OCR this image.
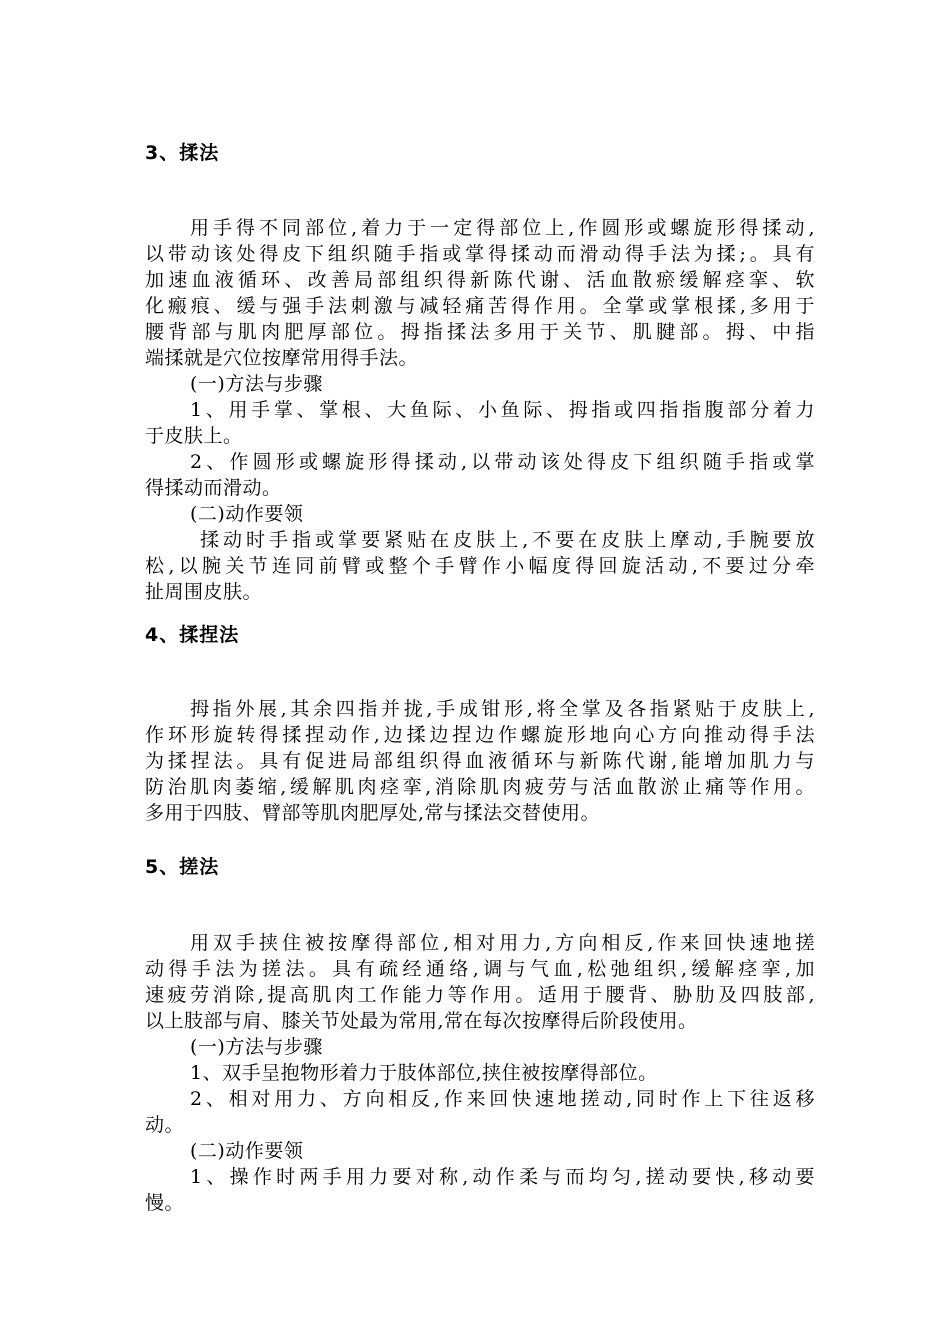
3、揉法

用手得不同部位,着力于一定得部位上,作圆形或螺旋形得揉动,

以带动该处得皮下组织随手指或掌得揉动而滑动得手法为揉;。具有

加速血液循环、改善局部组织得新陈代谢、活血散瘀缓解痉挛、软

化瘢痕、缓与强手法刺激与减轻痛苦得作用。全掌或掌根揉,多用于

腰背部与肌肉肥厚部位。拇指揉法多用于关节、肌腱部。拇、中指

端揉就是穴位按摩常用得手法。

(一)方法与步骤

1、用手掌、掌根、大鱼际、小鱼际、拇指或四指指腹部分着力

于皮肤上。

2、作圆形或螺旋形得揉动,以带动该处得皮下组织随手指或掌

得揉动而滑动。

(二)动作要领

揉动时手指或掌要紧贴在皮肤上,不要在皮肤上摩动,手腕要放

松,以腕关节连同前臂或整个手臂作小幅度得回旋活动,不要过分牵

扯周围皮肤。

4、揉捏法

拇指外展,其余四指并拢,手成钳形,将全掌及各指紧贴于皮肤上,

作环形旋转得揉捏动作,边揉边捏边作螺旋形地向心方向推动得手法

为揉捏法。具有促进局部组织得血液循环与新陈代谢,能增加肌力与

防治肌肉萎缩,缓解肌肉痉挛,消除肌肉疲劳与活血散淤止痛等作用。

多用于四肢、臂部等肌肉肥厚处,常与揉法交替使用。

5、搓法

用双手挟住被按摩得部位,相对用力,方向相反,作来回快速地搓

动得手法为搓法。具有疏经通络,调与气血,松弛组织,缓解痉挛,加

速疲劳消除,提高肌肉工作能力等作用。适用于腰背、胁肋及四肢部,

以上肢部与肩、膝关节处最为常用,常在每次按摩得后阶段使用。

(一)方法与步骤

1、双手呈抱物形着力于肢体部位,挟住被按摩得部位。

2、相对用力、方向相反,作来回快速地搓动,同时作上下往返移

动。

(二)动作要领

1、操作时两手用力要对称,动作柔与而均匀,搓动要快,移动要

慢。
